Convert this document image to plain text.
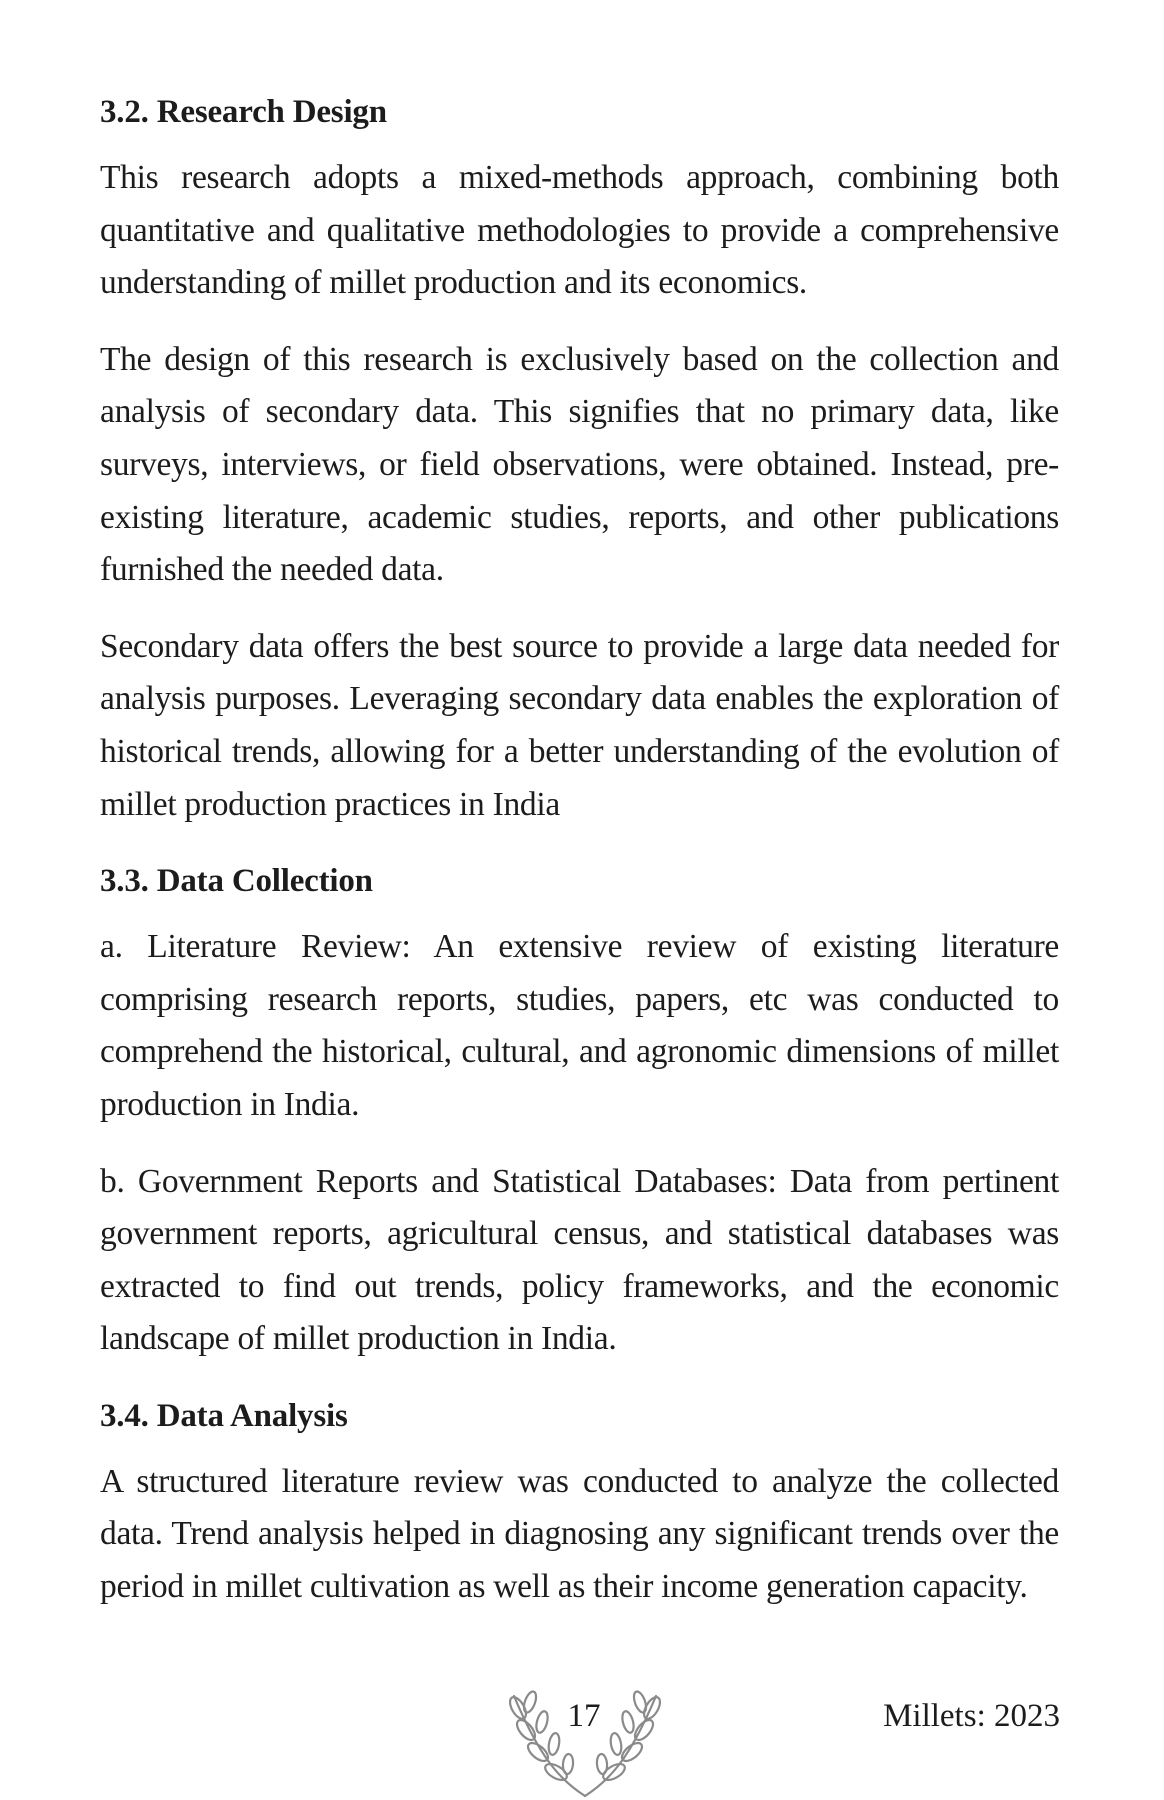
3.2. Research Design

This research adopts a mixed-methods approach, combining both quantitative and qualitative methodologies to provide a comprehensive understanding of millet production and its economics.

The design of this research is exclusively based on the collection and analysis of secondary data. This signifies that no primary data, like surveys, interviews, or field observations, were obtained. Instead, pre-existing literature, academic studies, reports, and other publications furnished the needed data.

Secondary data offers the best source to provide a large data needed for analysis purposes. Leveraging secondary data enables the exploration of historical trends, allowing for a better understanding of the evolution of millet production practices in India

3.3. Data Collection

a. Literature Review: An extensive review of existing literature comprising research reports, studies, papers, etc was conducted to comprehend the historical, cultural, and agronomic dimensions of millet production in India.

b. Government Reports and Statistical Databases: Data from pertinent government reports, agricultural census, and statistical databases was extracted to find out trends, policy frameworks, and the economic landscape of millet production in India.

3.4. Data Analysis

A structured literature review was conducted to analyze the collected data. Trend analysis helped in diagnosing any significant trends over the period in millet cultivation as well as their income generation capacity.

17	Millets: 2023
